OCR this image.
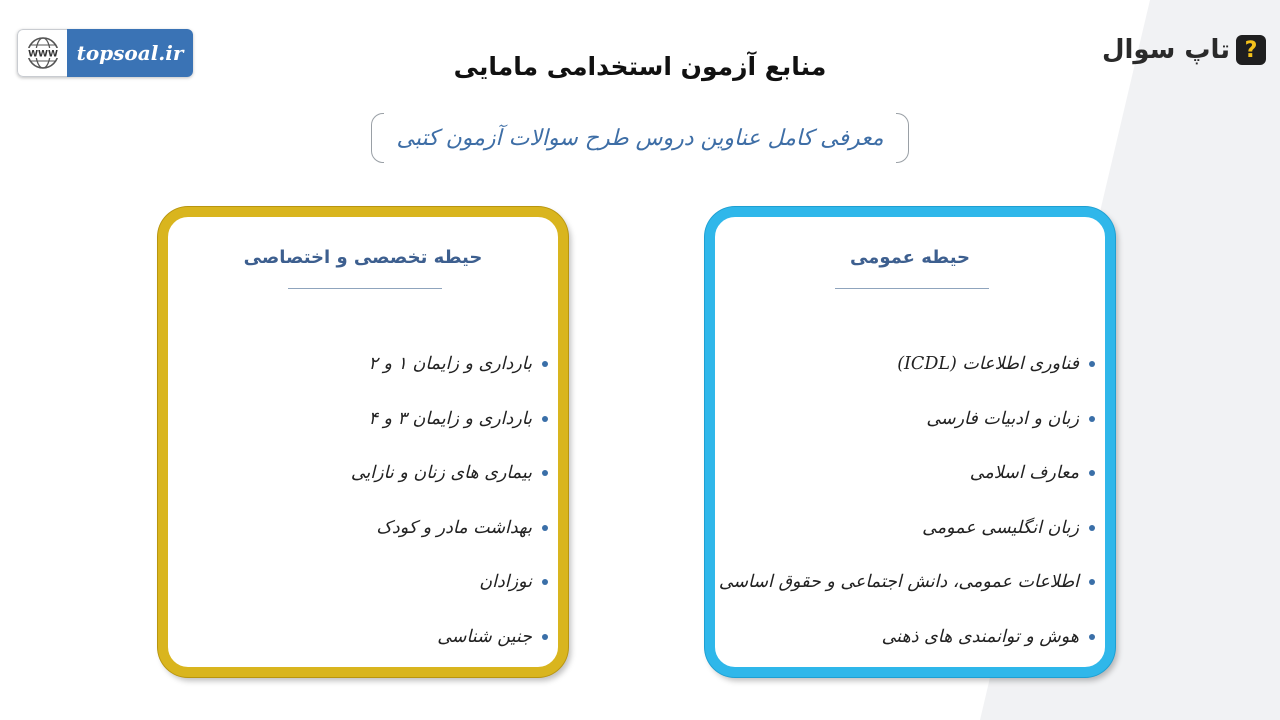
WWW topsoal.ir	?
تاپ سوال
منابع آزمون استخدامی مامایی
معرفی کامل عناوین دروس طرح سوالات آزمون کتبی
حیطه عمومی
فناوری اطلاعات (ICDL)
زبان و ادبیات فارسی
معارف اسلامی
زبان انگلیسی عمومی
اطلاعات عمومی، دانش اجتماعی و حقوق اساسی
هوش و توانمندی های ذهنی
حیطه تخصصی و اختصاصی
بارداری و زایمان ۱ و ۲
بارداری و زایمان ۳ و ۴
بیماری های زنان و نازایی
بهداشت مادر و کودک
نوزادان
جنین شناسی
